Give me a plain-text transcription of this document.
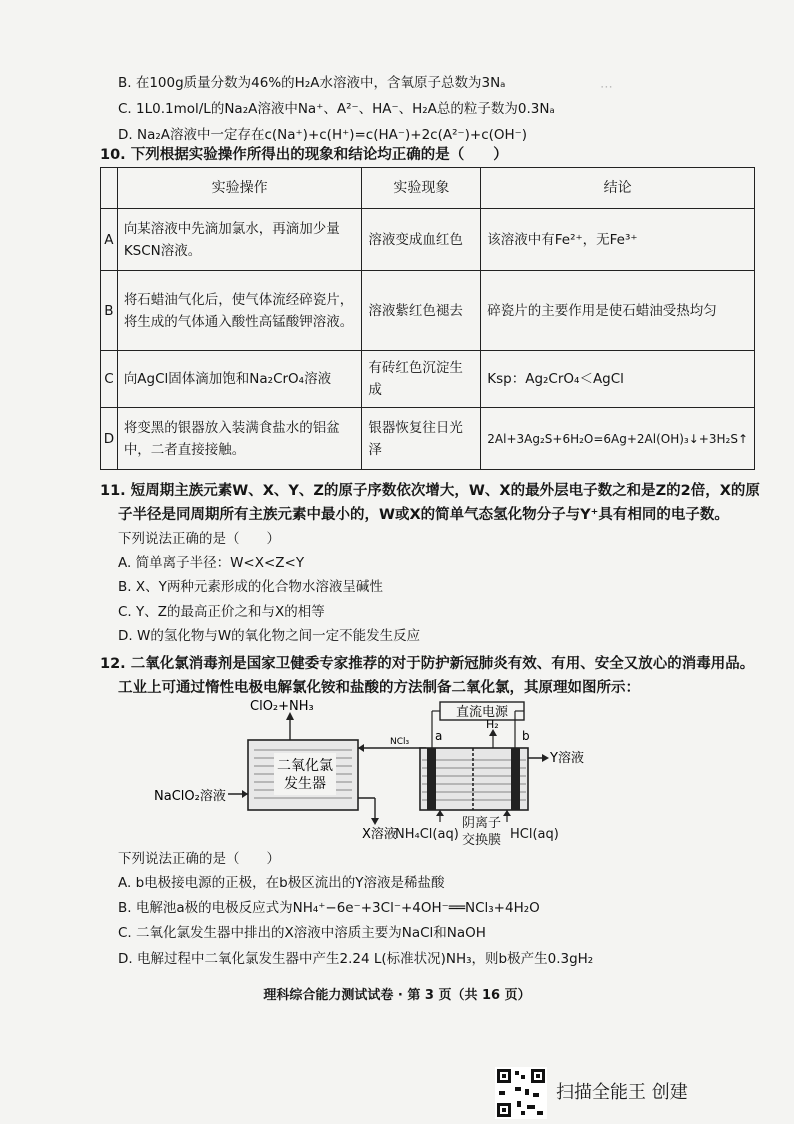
⋯
B. 在100g质量分数为46%的H₂A水溶液中，含氧原子总数为3Nₐ
C. 1L0.1mol/L的Na₂A溶液中Na⁺、A²⁻、HA⁻、H₂A总的粒子数为0.3Nₐ
D. Na₂A溶液中一定存在c(Na⁺)+c(H⁺)=c(HA⁻)+2c(A²⁻)+c(OH⁻)
10. 下列根据实验操作所得出的现象和结论均正确的是（　　）
	实验操作	实验现象	结论
A	向某溶液中先滴加氯水，再滴加少量KSCN溶液。	溶液变成血红色	该溶液中有Fe²⁺，无Fe³⁺
B	将石蜡油气化后，使气体流经碎瓷片，将生成的气体通入酸性高锰酸钾溶液。	溶液紫红色褪去	碎瓷片的主要作用是使石蜡油受热均匀
C	向AgCl固体滴加饱和Na₂CrO₄溶液	有砖红色沉淀生成	Ksp：Ag₂CrO₄＜AgCl
D	将变黑的银器放入装满食盐水的铝盆中，二者直接接触。	银器恢复往日光泽	2Al+3Ag₂S+6H₂O=6Ag+2Al(OH)₃↓+3H₂S↑
11. 短周期主族元素W、X、Y、Z的原子序数依次增大，W、X的最外层电子数之和是Z的2倍，X的原
子半径是同周期所有主族元素中最小的，W或X的简单气态氢化物分子与Y⁺具有相同的电子数。
下列说法正确的是（　　）
A. 简单离子半径：W<X<Z<Y
B. X、Y两种元素形成的化合物水溶液呈碱性
C. Y、Z的最高正价之和与X的相等
D. W的氢化物与W的氧化物之间一定不能发生反应
12. 二氧化氯消毒剂是国家卫健委专家推荐的对于防护新冠肺炎有效、有用、安全又放心的消毒用品。
工业上可通过惰性电极电解氯化铵和盐酸的方法制备二氧化氯，其原理如图所示：
二氧化氯
发生器
ClO₂+NH₃
NaClO₂溶液
X溶液
NCl₃
直流电源
a	b
H₂
Y溶液
NH₄Cl(aq)
阴离子
交换膜 HCl(aq)
下列说法正确的是（　　）
A. b电极接电源的正极，在b极区流出的Y溶液是稀盐酸
B. 电解池a极的电极反应式为NH₄⁺−6e⁻+3Cl⁻+4OH⁻══NCl₃+4H₂O
C. 二氧化氯发生器中排出的X溶液中溶质主要为NaCl和NaOH
D. 电解过程中二氧化氯发生器中产生2.24 L(标准状况)NH₃，则b极产生0.3gH₂
理科综合能力测试试卷 · 第 3 页（共 16 页）
扫描全能王 创建
